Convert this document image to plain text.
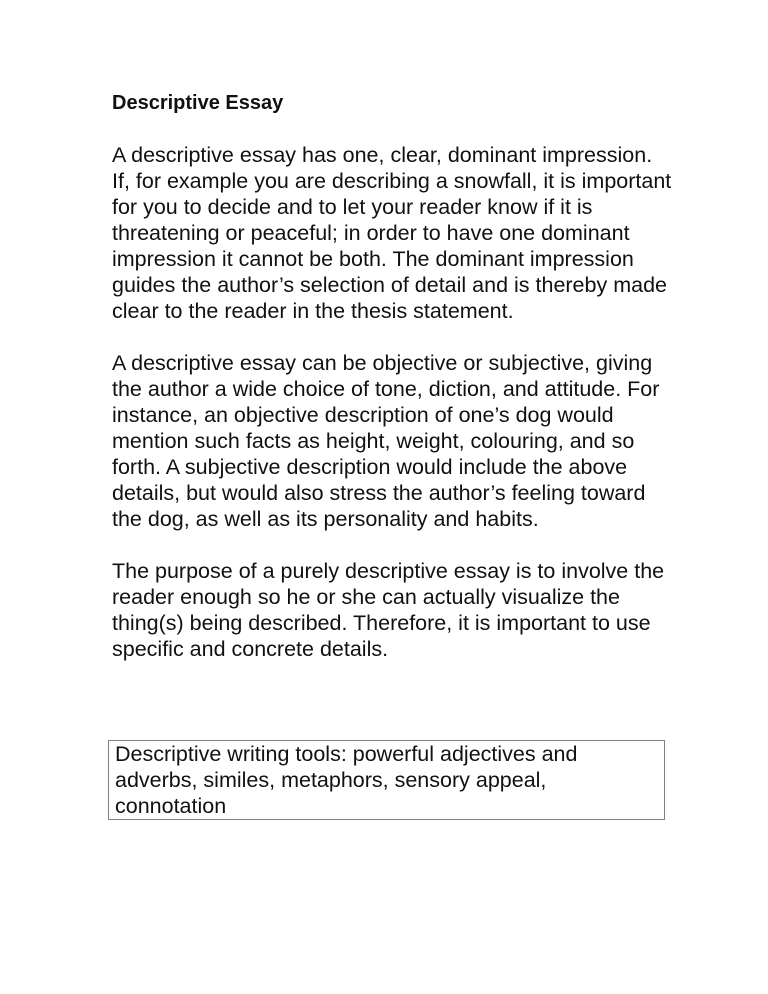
Descriptive Essay

A descriptive essay has one, clear, dominant impression. If, for example you are describing a snowfall, it is important for you to decide and to let your reader know if it is threatening or peaceful; in order to have one dominant impression it cannot be both. The dominant impression guides the author’s selection of detail and is thereby made clear to the reader in the thesis statement.

A descriptive essay can be objective or subjective, giving the author a wide choice of tone, diction, and attitude. For instance, an objective description of one’s dog would mention such facts as height, weight, colouring, and so forth. A subjective description would include the above details, but would also stress the author’s feeling toward the dog, as well as its personality and habits.

The purpose of a purely descriptive essay is to involve the reader enough so he or she can actually visualize the thing(s) being described. Therefore, it is important to use specific and concrete details.

Descriptive writing tools: powerful adjectives and adverbs, similes, metaphors, sensory appeal, connotation
